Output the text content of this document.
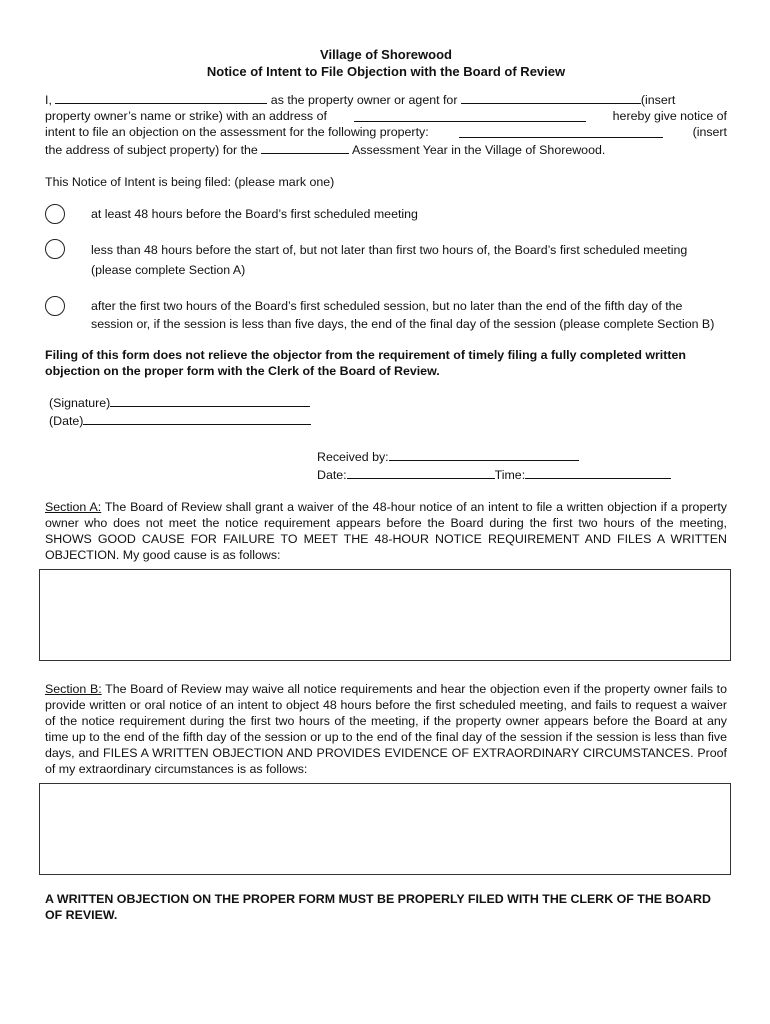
Village of Shorewood
Notice of Intent to File Objection with the Board of Review
I,	as the property owner or agent for	(insert
property owner’s name or strike) with an address of	hereby give notice of
intent to file an objection on the assessment for the following property:	(insert
the address of subject property) for the	Assessment Year in the Village of Shorewood.
This Notice of Intent is being filed: (please mark one)
at least 48 hours before the Board’s first scheduled meeting
less than 48 hours before the start of, but not later than first two hours of, the Board’s first scheduled meeting (please complete Section A)
after the first two hours of the Board’s first scheduled session, but no later than the end of the fifth day of the session or, if the session is less than five days, the end of the final day of the session (please complete Section B)
Filing of this form does not relieve the objector from the requirement of timely filing a fully completed written objection on the proper form with the Clerk of the Board of Review.
(Signature)
(Date)
Received by:
Date:	Time:
Section A: The Board of Review shall grant a waiver of the 48-hour notice of an intent to file a written objection if a property owner who does not meet the notice requirement appears before the Board during the first two hours of the meeting, SHOWS GOOD CAUSE FOR FAILURE TO MEET THE 48-HOUR NOTICE REQUIREMENT AND FILES A WRITTEN OBJECTION. My good cause is as follows:
Section B: The Board of Review may waive all notice requirements and hear the objection even if the property owner fails to provide written or oral notice of an intent to object 48 hours before the first scheduled meeting, and fails to request a waiver of the notice requirement during the first two hours of the meeting, if the property owner appears before the Board at any time up to the end of the fifth day of the session or up to the end of the final day of the session if the session is less than five days, and FILES A WRITTEN OBJECTION AND PROVIDES EVIDENCE OF EXTRAORDINARY CIRCUMSTANCES. Proof of my extraordinary circumstances is as follows:
A WRITTEN OBJECTION ON THE PROPER FORM MUST BE PROPERLY FILED WITH THE CLERK OF THE BOARD OF REVIEW.
